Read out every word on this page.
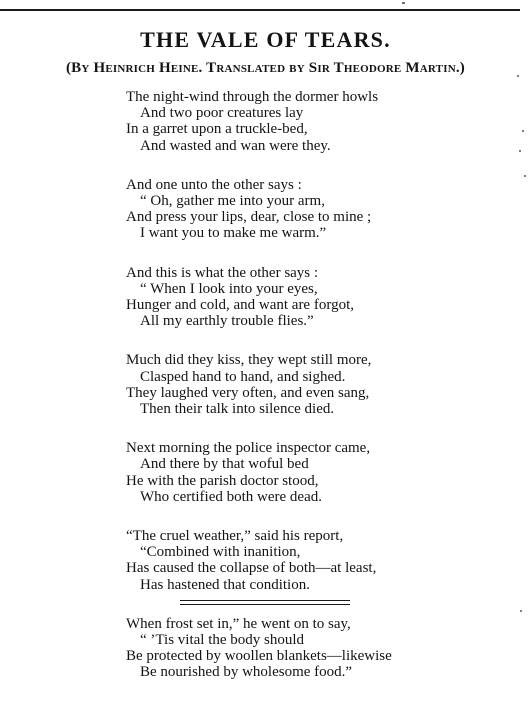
THE VALE OF TEARS.
(By Heinrich Heine. Translated by Sir Theodore Martin.)
The night-wind through the dormer howls
And two poor creatures lay
In a garret upon a truckle-bed,
And wasted and wan were they.
And one unto the other says :
“ Oh, gather me into your arm,
And press your lips, dear, close to mine ;
I want you to make me warm.”
And this is what the other says :
“ When I look into your eyes,
Hunger and cold, and want are forgot,
All my earthly trouble flies.”
Much did they kiss, they wept still more,
Clasped hand to hand, and sighed.
They laughed very often, and even sang,
Then their talk into silence died.
Next morning the police inspector came,
And there by that woful bed
He with the parish doctor stood,
Who certified both were dead.
“The cruel weather,” said his report,
“Combined with inanition,
Has caused the collapse of both—at least,
Has hastened that condition.
When frost set in,” he went on to say,
“ ’Tis vital the body should
Be protected by woollen blankets—likewise
Be nourished by wholesome food.”
